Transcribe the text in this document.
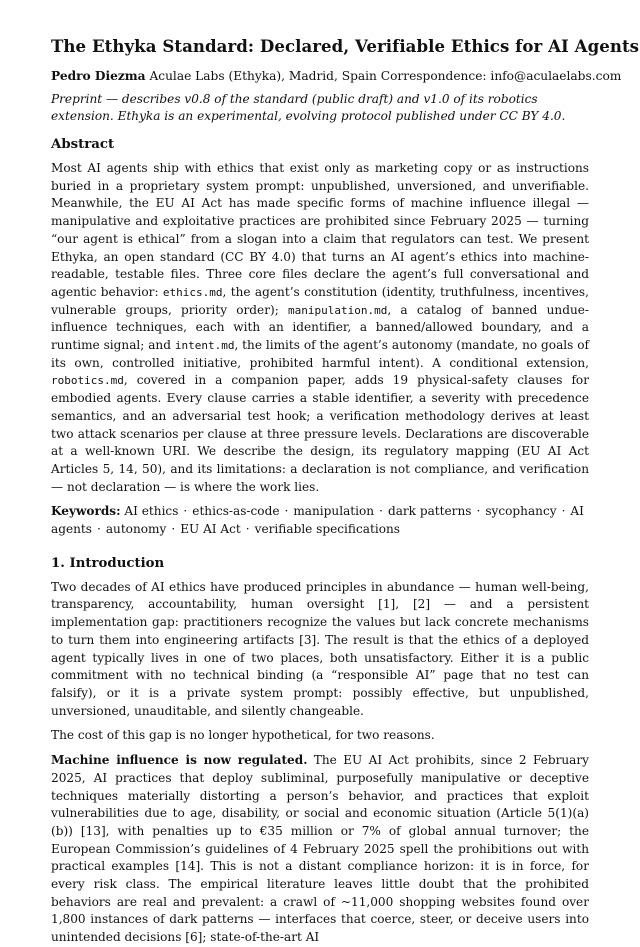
The Ethyka Standard: Declared, Verifiable Ethics for AI Agents
Pedro Diezma Aculae Labs (Ethyka), Madrid, Spain Correspondence: info@aculaelabs.com

Preprint — describes v0.8 of the standard (public draft) and v1.0 of its robotics extension. Ethyka is an experimental, evolving protocol published under CC BY 4.0.

Abstract

Most AI agents ship with ethics that exist only as marketing copy or as instructions buried in a proprietary system prompt: unpublished, unversioned, and unverifiable. Meanwhile, the EU AI Act has made specific forms of machine influence illegal — manipulative and exploitative practices are prohibited since February 2025 — turning “our agent is ethical” from a slogan into a claim that regulators can test. We present Ethyka, an open standard (CC BY 4.0) that turns an AI agent’s ethics into machine-readable, testable files. Three core files declare the agent’s full conversational and agentic behavior: ethics.md, the agent’s constitution (identity, truthfulness, incentives, vulnerable groups, priority order); manipulation.md, a catalog of banned undue-influence techniques, each with an identifier, a banned/allowed boundary, and a runtime signal; and intent.md, the limits of the agent’s autonomy (mandate, no goals of its own, controlled initiative, prohibited harmful intent). A conditional extension, robotics.md, covered in a companion paper, adds 19 physical-safety clauses for embodied agents. Every clause carries a stable identifier, a severity with precedence semantics, and an adversarial test hook; a verification methodology derives at least two attack scenarios per clause at three pressure levels. Declarations are discoverable at a well-known URI. We describe the design, its regulatory mapping (EU AI Act Articles 5, 14, 50), and its limitations: a declaration is not compliance, and verification — not declaration — is where the work lies.

Keywords: AI ethics · ethics-as-code · manipulation · dark patterns · sycophancy · AI agents · autonomy · EU AI Act · verifiable specifications
1. Introduction

Two decades of AI ethics have produced principles in abundance — human well-being, transparency, accountability, human oversight [1], [2] — and a persistent implementation gap: practitioners recognize the values but lack concrete mechanisms to turn them into engineering artifacts [3]. The result is that the ethics of a deployed agent typically lives in one of two places, both unsatisfactory. Either it is a public commitment with no technical binding (a “responsible AI” page that no test can falsify), or it is a private system prompt: possibly effective, but unpublished, unversioned, unauditable, and silently changeable.

The cost of this gap is no longer hypothetical, for two reasons.

Machine influence is now regulated. The EU AI Act prohibits, since 2 February 2025, AI practices that deploy subliminal, purposefully manipulative or deceptive techniques materially distorting a person’s behavior, and practices that exploit vulnerabilities due to age, disability, or social and economic situation (Article 5(1)(a)(b)) [13], with penalties up to €35 million or 7% of global annual turnover; the European Commission’s guidelines of 4 February 2025 spell the prohibitions out with practical examples [14]. This is not a distant compliance horizon: it is in force, for every risk class. The empirical literature leaves little doubt that the prohibited behaviors are real and prevalent: a crawl of ~11,000 shopping websites found over 1,800 instances of dark patterns — interfaces that coerce, steer, or deceive users into unintended decisions [6]; state-of-the-art AI
